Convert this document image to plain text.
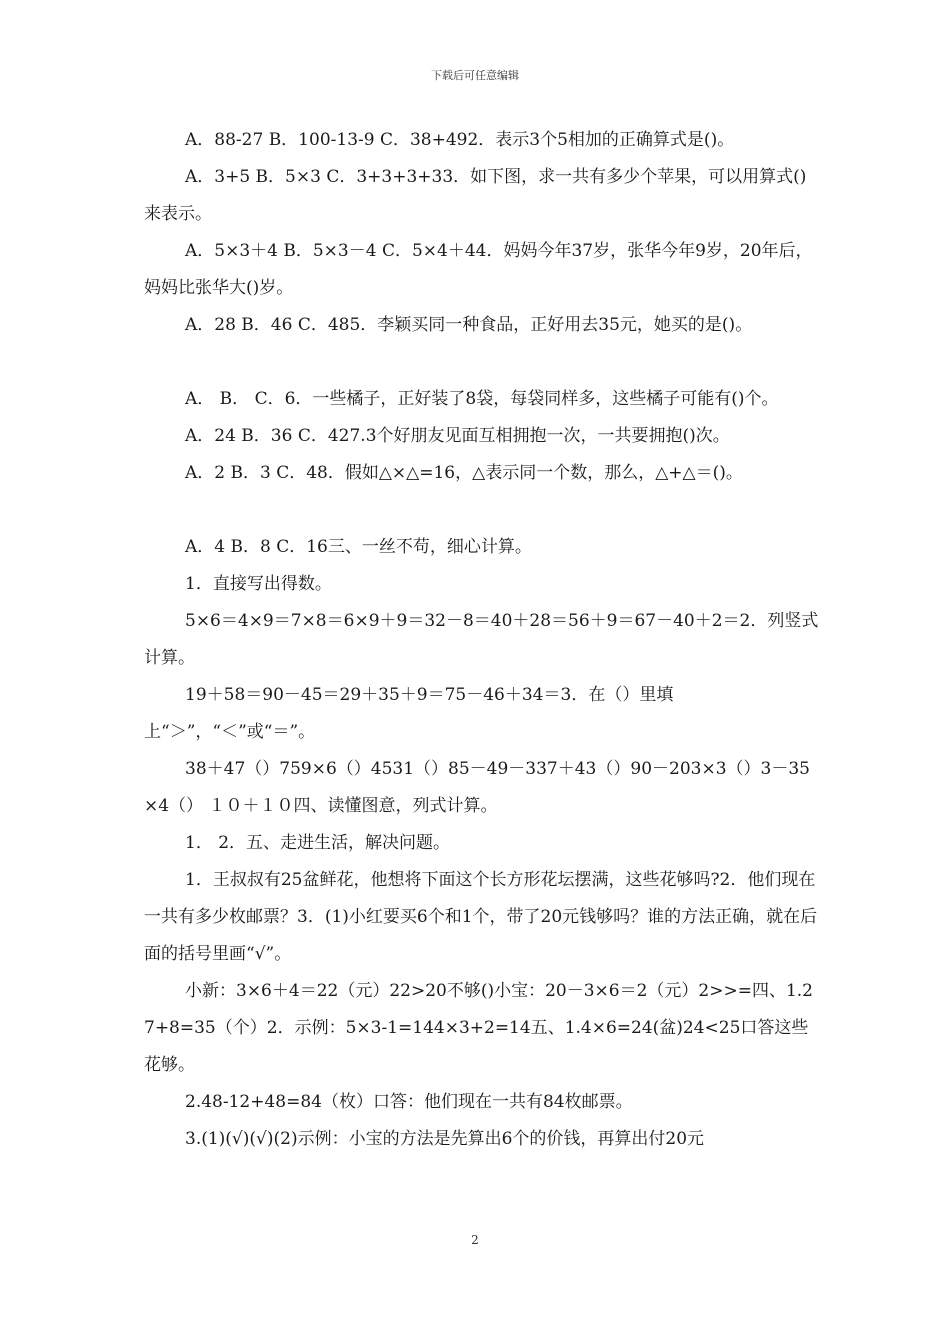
下载后可任意编辑

A．88-27 B．100-13-9 C．38+492．表示3个5相加的正确算式是()。

A．3+5 B．5×3 C．3+3+3+33．如下图，求一共有多少个苹果，可以用算式()来表示。

A．5×3＋4 B．5×3－4 C．5×4＋44．妈妈今年37岁，张华今年9岁，20年后，妈妈比张华大()岁。

A．28 B．46 C．485．李颖买同一种食品，正好用去35元，她买的是()。

A． B． C．6．一些橘子，正好装了8袋，每袋同样多，这些橘子可能有()个。

A．24 B．36 C．427.3个好朋友见面互相拥抱一次，一共要拥抱()次。

A．2 B．3 C．48．假如△×△=16，△表示同一个数，那么，△+△＝()。

A．4 B．8 C．16三、一丝不苟，细心计算。

1．直接写出得数。

5×6＝4×9＝7×8＝6×9＋9＝32－8＝40＋28＝56＋9＝67－40＋2＝2．列竖式计算。

19＋58＝90－45＝29＋35＋9＝75－46＋34＝3．在（）里填上“＞”，“＜”或“＝”。

38＋47（）759×6（）4531（）85－49－337＋43（）90－203×3（）3－35×4（） １０＋１０四、读懂图意，列式计算。

1． 2．五、走进生活，解决问题。

1．王叔叔有25盆鲜花，他想将下面这个长方形花坛摆满，这些花够吗?2．他们现在一共有多少枚邮票？3．(1)小红要买6个和1个，带了20元钱够吗？谁的方法正确，就在后面的括号里画“√”。

小新：3×6＋4＝22（元）22>20不够()小宝：20－3×6＝2（元）2>>=四、1.27+8=35（个）2．示例：5×3-1=144×3+2=14五、1.4×6=24(盆)24<25口答这些花够。

2.48-12+48=84（枚）口答：他们现在一共有84枚邮票。

3.(1)(√)(√)(2)示例：小宝的方法是先算出6个的价钱，再算出付20元

2
